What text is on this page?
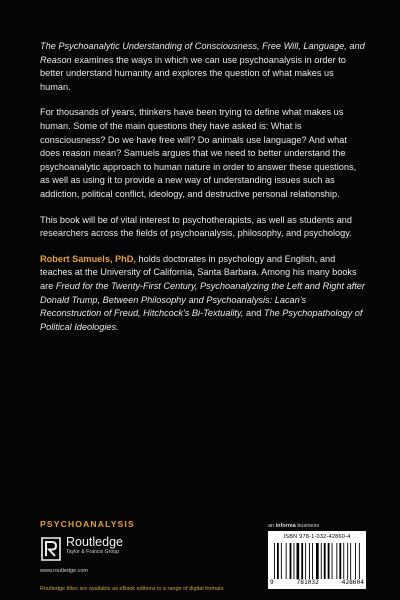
The Psychoanalytic Understanding of Consciousness, Free Will, Language, and Reason examines the ways in which we can use psychoanalysis in order to better understand humanity and explores the question of what makes us human.

For thousands of years, thinkers have been trying to define what makes us human. Some of the main questions they have asked is: What is consciousness? Do we have free will? Do animals use language? And what does reason mean? Samuels argues that we need to better understand the psychoanalytic approach to human nature in order to answer these questions, as well as using it to provide a new way of understanding issues such as addiction, political conflict, ideology, and destructive personal relationship.

This book will be of vital interest to psychotherapists, as well as students and researchers across the fields of psychoanalysis, philosophy, and psychology.

Robert Samuels, PhD, holds doctorates in psychology and English, and teaches at the University of California, Santa Barbara. Among his many books are Freud for the Twenty-First Century, Psychoanalyzing the Left and Right after Donald Trump, Between Philosophy and Psychoanalysis: Lacan's Reconstruction of Freud, Hitchcock's Bi-Textuality, and The Psychopathology of Political Ideologies.

PSYCHOANALYSIS
Routledge
Taylor & Francis Group
www.routledge.com
Routledge titles are available as eBook editions in a range of digital formats
an informa business
ISBN 978-1-032-42860-4
9	781032	428604
